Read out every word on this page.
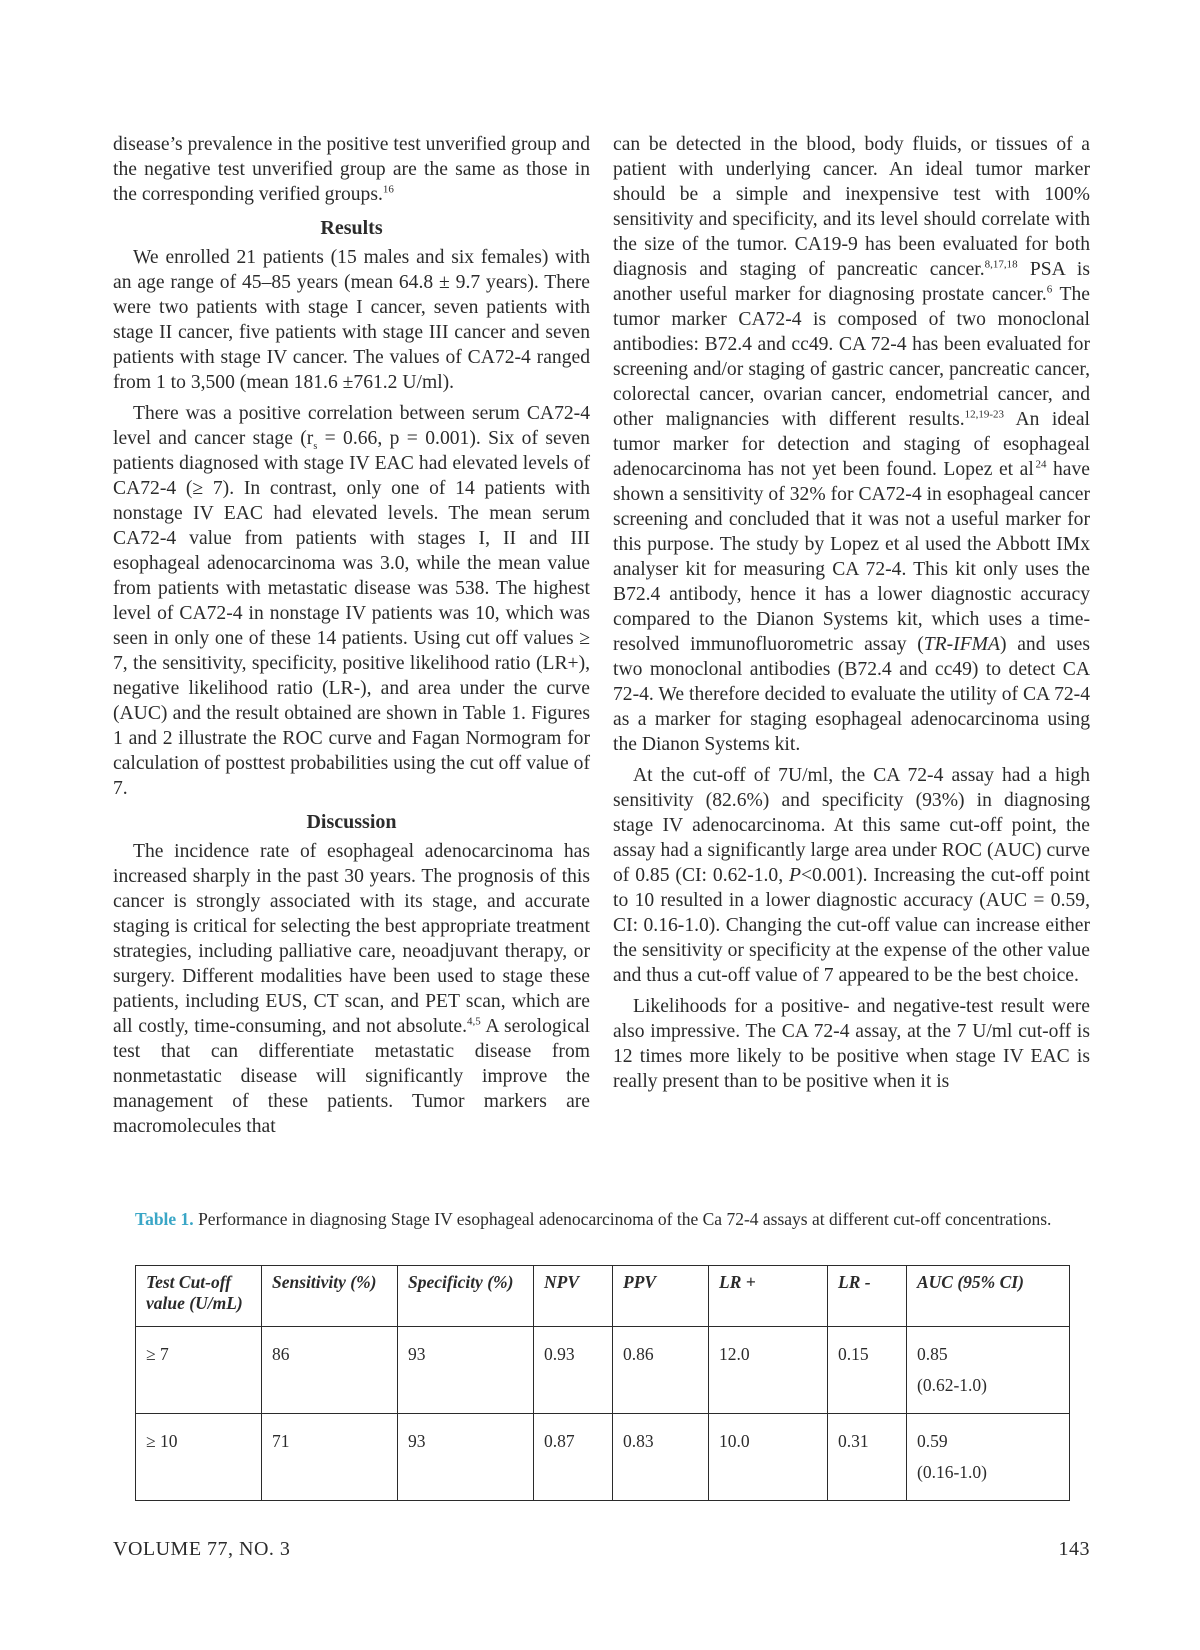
disease’s prevalence in the positive test unverified group and the negative test unverified group are the same as those in the corresponding verified groups.$^{16}$

Results

We enrolled 21 patients (15 males and six females) with an age range of 45–85 years (mean 64.8 ± 9.7 years). There were two patients with stage I cancer, seven patients with stage II cancer, five patients with stage III cancer and seven patients with stage IV cancer. The values of CA72-4 ranged from 1 to 3,500 (mean 181.6 ±761.2 U/ml).

There was a positive correlation between serum CA72-4 level and cancer stage ($r_s = 0.66$, p = 0.001). Six of seven patients diagnosed with stage IV EAC had elevated levels of CA72-4 (≥ 7). In contrast, only one of 14 patients with nonstage IV EAC had elevated levels. The mean serum CA72-4 value from patients with stages I, II and III esophageal adenocarcinoma was 3.0, while the mean value from patients with metastatic disease was 538. The highest level of CA72-4 in nonstage IV patients was 10, which was seen in only one of these 14 patients. Using cut off values ≥ 7, the sensitivity, specificity, positive likelihood ratio (LR+), negative likelihood ratio (LR-), and area under the curve (AUC) and the result obtained are shown in Table 1. Figures 1 and 2 illustrate the ROC curve and Fagan Normogram for calculation of posttest probabilities using the cut off value of 7.

Discussion

The incidence rate of esophageal adenocarcinoma has increased sharply in the past 30 years. The prognosis of this cancer is strongly associated with its stage, and accurate staging is critical for selecting the best appropriate treatment strategies, including palliative care, neoadjuvant therapy, or surgery. Different modalities have been used to stage these patients, including EUS, CT scan, and PET scan, which are all costly, time-consuming, and not absolute.$^{4,5}$ A serological test that can differentiate metastatic disease from nonmetastatic disease will significantly improve the management of these patients. Tumor markers are macromolecules that

can be detected in the blood, body fluids, or tissues of a patient with underlying cancer. An ideal tumor marker should be a simple and inexpensive test with 100% sensitivity and specificity, and its level should correlate with the size of the tumor. CA19-9 has been evaluated for both diagnosis and staging of pancreatic cancer.$^{8,17,18}$ PSA is another useful marker for diagnosing prostate cancer.$^6$ The tumor marker CA72-4 is composed of two monoclonal antibodies: B72.4 and cc49. CA 72-4 has been evaluated for screening and/or staging of gastric cancer, pancreatic cancer, colorectal cancer, ovarian cancer, endometrial cancer, and other malignancies with different results.$^{12,19-23}$ An ideal tumor marker for detection and staging of esophageal adenocarcinoma has not yet been found. Lopez et al  $^{24}$ have shown a sensitivity of 32% for CA72-4 in esophageal cancer screening and concluded that it was not a useful marker for this purpose. The study by Lopez et al used the Abbott IMx analyser kit for measuring CA 72-4. This kit only uses the B72.4 antibody, hence it has a lower diagnostic accuracy compared to the Dianon Systems kit, which uses a time-resolved immunofluorometric assay (TR-IFMA) and uses two monoclonal antibodies (B72.4 and cc49) to detect CA 72-4. We therefore decided to evaluate the utility of CA 72-4 as a marker for staging esophageal adenocarcinoma using the Dianon Systems kit.

At the cut-off of 7U/ml, the CA 72-4 assay had a high sensitivity (82.6%) and specificity (93%) in diagnosing stage IV adenocarcinoma. At this same cut-off point, the assay had a significantly large area under ROC (AUC) curve of 0.85 (CI: 0.62-1.0, P<0.001). Increasing the cut-off point to 10 resulted in a lower diagnostic accuracy (AUC = 0.59, CI: 0.16-1.0). Changing the cut-off value can increase either the sensitivity or specificity at the expense of the other value and thus a cut-off value of 7 appeared to be the best choice.

Likelihoods for a positive- and negative-test result were also impressive. The CA 72-4 assay, at the 7 U/ml cut-off is 12 times more likely to be positive when stage IV EAC is really present than to be positive when it is

Table 1. Performance in diagnosing Stage IV esophageal adenocarcinoma of the Ca 72-4 assays at different cut-off concentrations.
Test Cut-off value (U/mL)	Sensitivity (%)	Specificity (%)	NPV	PPV	LR +	LR -	AUC (95% CI)
≥ 7	86	93	0.93	0.86	12.0	0.15	0.85
(0.62-1.0)
≥ 10	71	93	0.87	0.83	10.0	0.31	0.59
(0.16-1.0)
VOLUME 77, NO. 3	143
